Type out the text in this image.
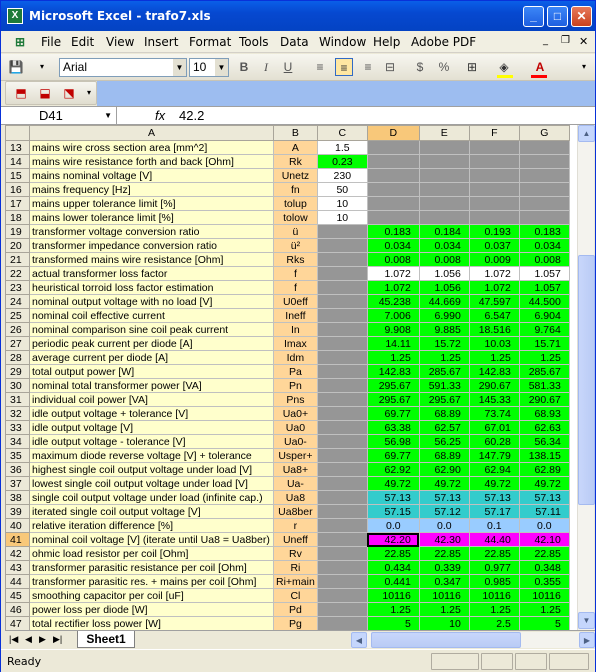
X Microsoft Excel - trafo7.xls	_	□	✕
⊞	File Edit View Insert Format Tools Data Window Help Adobe PDF	_ ❐ ✕
💾	▾	Arial	▼ 10	▼	B	I	U	≡	≡	≡	⊟	$	%	⊞	◈	A	▾
⬒ ⬓ ⬔	▾
D41	▼	fx 42.2
	A	B	C	D	E	F	G
13	mains wire cross section area [mm^2]	A	1.5				
14	mains wire resistance forth and back [Ohm]	Rk	0.23				
15	mains nominal voltage [V]	Unetz	230				
16	mains frequency [Hz]	fn	50				
17	mains upper tolerance limit [%]	tolup	10				
18	mains lower tolerance limit [%]	tolow	10				
19	transformer voltage conversion ratio	ü		0.183	0.184	0.193	0.183
20	transformer impedance conversion ratio	ü²		0.034	0.034	0.037	0.034
21	transformed mains wire resistance [Ohm]	Rks		0.008	0.008	0.009	0.008
22	actual transformer loss factor	f		1.072	1.056	1.072	1.057
23	heuristical torroid loss factor estimation	f		1.072	1.056	1.072	1.057
24	nominal output voltage with no load [V]	U0eff		45.238	44.669	47.597	44.500
25	nominal coil effective current	Ineff		7.006	6.990	6.547	6.904
26	nominal comparison sine coil peak current	In		9.908	9.885	18.516	9.764
27	periodic peak current per diode [A]	Imax		14.11	15.72	10.03	15.71
28	average current per diode [A]	Idm		1.25	1.25	1.25	1.25
29	total output power [W]	Pa		142.83	285.67	142.83	285.67
30	nominal total transformer power [VA]	Pn		295.67	591.33	290.67	581.33
31	individual coil power [VA]	Pns		295.67	295.67	145.33	290.67
32	idle output voltage + tolerance [V]	Ua0+		69.77	68.89	73.74	68.93
33	idle output voltage [V]	Ua0		63.38	62.57	67.01	62.63
34	idle output voltage - tolerance [V]	Ua0-		56.98	56.25	60.28	56.34
35	maximum diode reverse voltage [V] + tolerance	Usper+		69.77	68.89	147.79	138.15
36	highest single coil output voltage under load [V]	Ua8+		62.92	62.90	62.94	62.89
37	lowest single coil output voltage under load [V]	Ua-		49.72	49.72	49.72	49.72
38	single coil output voltage under load (infinite cap.)	Ua8		57.13	57.13	57.13	57.13
39	iterated single coil output voltage [V]	Ua8ber		57.15	57.12	57.17	57.11
40	relative iteration difference [%]	r		0.0	0.0	0.1	0.0
41	nominal coil voltage [V] (iterate until Ua8 = Ua8ber)	Uneff		42.20	42.30	44.40	42.10
42	ohmic load resistor per coil [Ohm]	Rv		22.85	22.85	22.85	22.85
43	transformer parasitic resistance per coil [Ohm]	Ri		0.434	0.339	0.977	0.348
44	transformer parasitic res. + mains per coil [Ohm]	Ri+main		0.441	0.347	0.985	0.355
45	smoothing capacitor per coil [uF]	Cl		10116	10116	10116	10116
46	power loss per diode [W]	Pd		1.25	1.25	1.25	1.25
47	total rectifier loss power [W]	Pg		5	10	2.5	5
▲
▼
|◀ ◀ ▶ ▶|	Sheet1	◀	▶
Ready
